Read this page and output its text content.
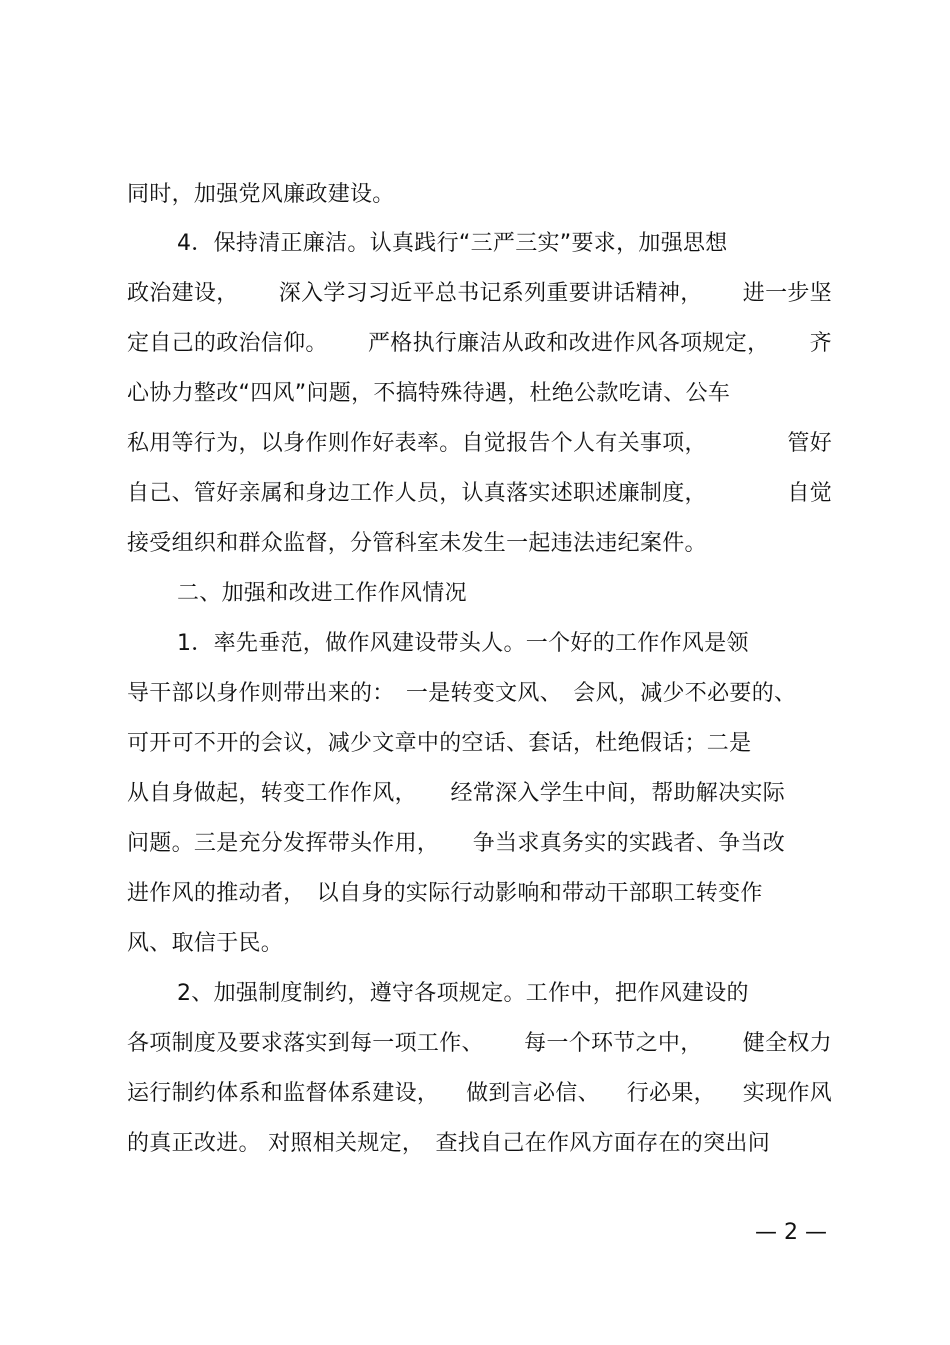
同时，加强党风廉政建设。
4．保持清正廉洁。认真践行“三严三实”要求，加强思想
政治建设， 深入学习习近平总书记系列重要讲话精神， 进一步坚
定自己的政治信仰。 严格执行廉洁从政和改进作风各项规定， 齐
心协力整改“四风”问题，不搞特殊待遇，杜绝公款吃请、公车
私用等行为，以身作则作好表率。自觉报告个人有关事项，	管好
自己、管好亲属和身边工作人员，认真落实述职述廉制度，	自觉
接受组织和群众监督，分管科室未发生一起违法违纪案件。
二、加强和改进工作作风情况
1．率先垂范，做作风建设带头人。一个好的工作作风是领
导干部以身作则带出来的：　一是转变文风、　会风，减少不必要的、
可开可不开的会议，减少文章中的空话、套话，杜绝假话；二是
从自身做起，转变工作作风，　　经常深入学生中间，帮助解决实际
问题。三是充分发挥带头作用，　　争当求真务实的实践者、争当改
进作风的推动者，　以自身的实际行动影响和带动干部职工转变作
风、取信于民。
2、加强制度制约，遵守各项规定。工作中，把作风建设的
各项制度及要求落实到每一项工作、 每一个环节之中， 健全权力
运行制约体系和监督体系建设， 做到言必信、 行必果， 实现作风
的真正改进。 对照相关规定，　查找自己在作风方面存在的突出问
— 2 —
